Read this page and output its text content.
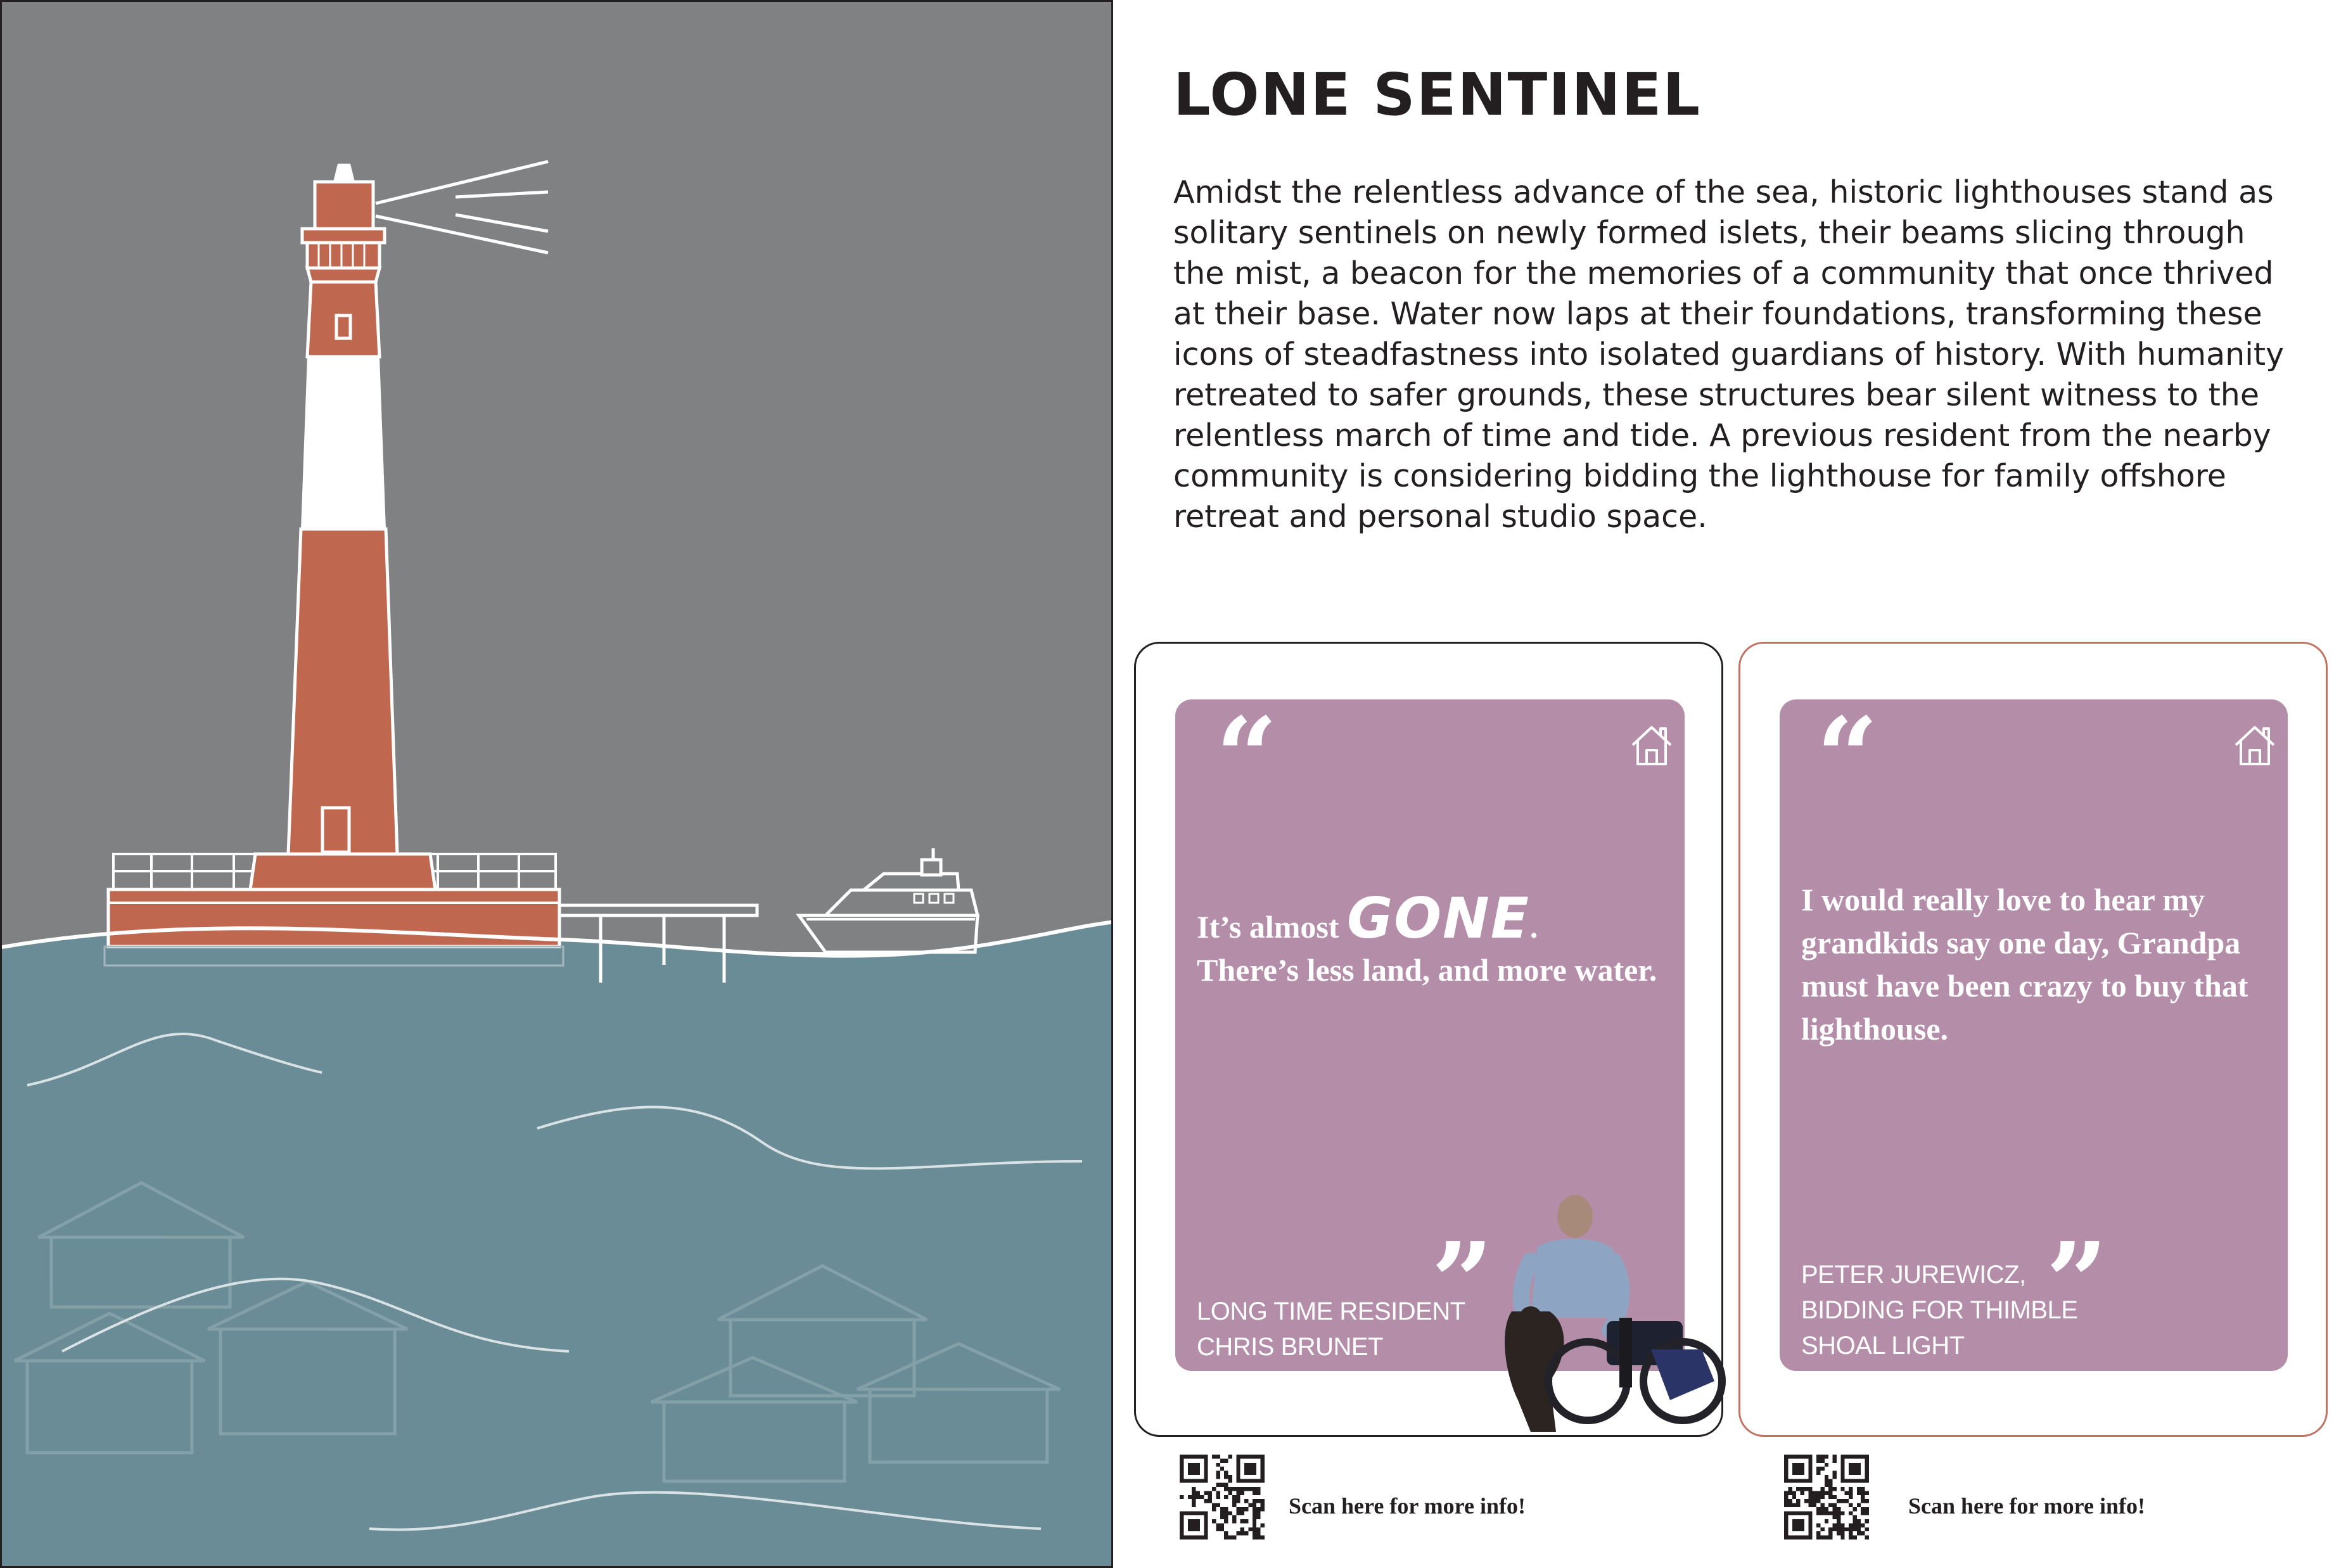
LONE SENTINEL

Amidst the relentless advance of the sea, historic lighthouses stand as solitary sentinels on newly formed islets, their beams slicing through the mist, a beacon for the memories of a community that once thrived at their base. Water now laps at their foundations, transforming these icons of steadfastness into isolated guardians of history. With humanity retreated to safer grounds, these structures bear silent witness to the relentless march of time and tide. A previous resident from the nearby community is considering bidding the lighthouse for family offshore retreat and personal studio space.

“
It’s almost GONE.
There’s less land, and more water.
”
LONG TIME RESIDENT
CHRIS BRUNET
“
I would really love to hear my grandkids say one day, Grandpa must have been crazy to buy that lighthouse.
”
PETER JUREWICZ,
BIDDING FOR THIMBLE
SHOAL LIGHT
Scan here for more info!	Scan here for more info!
